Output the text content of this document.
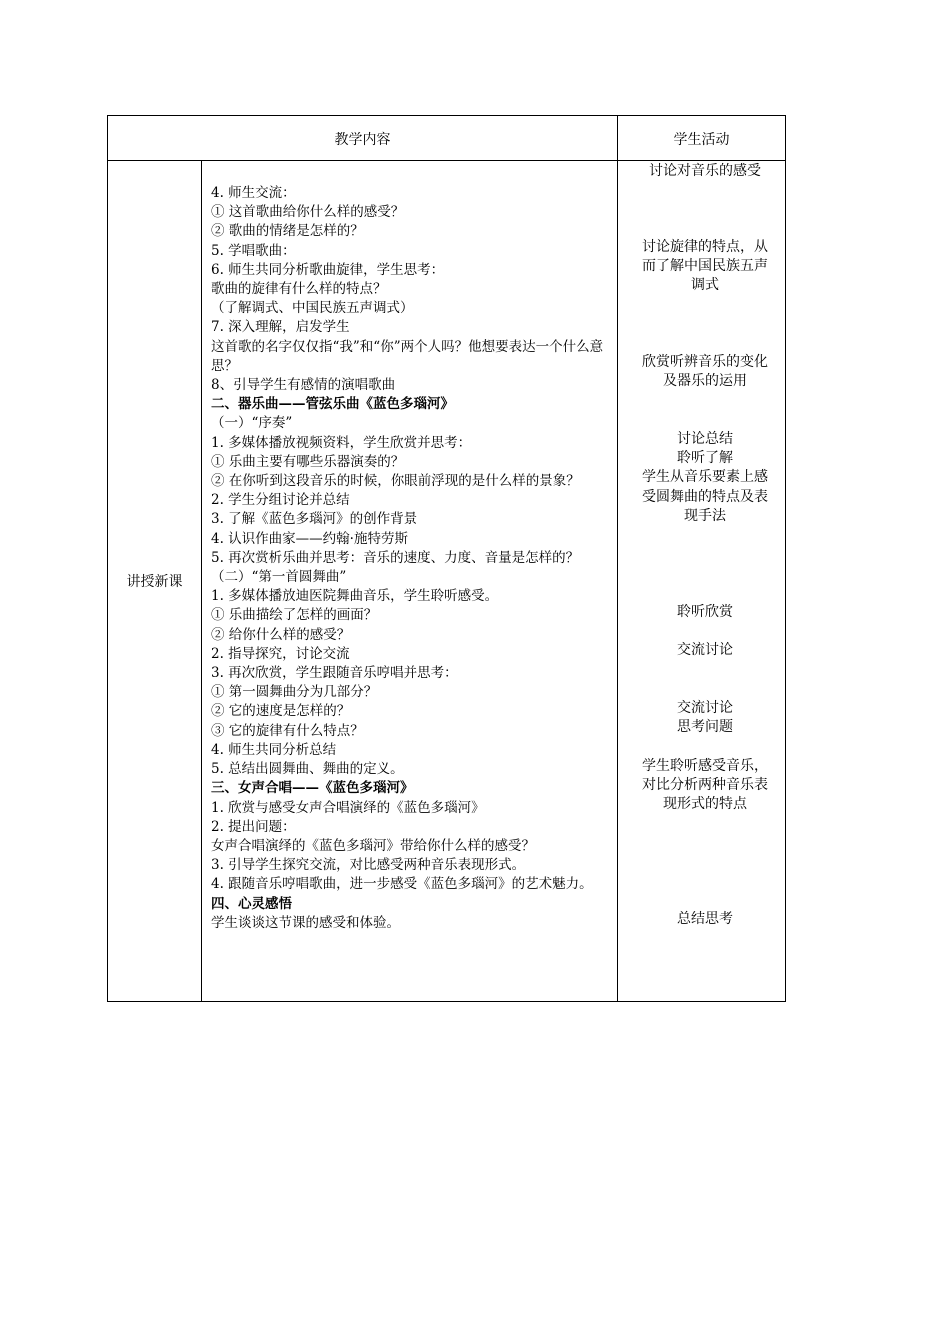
教学内容	学生活动
讲授新课
4. 师生交流：
① 这首歌曲给你什么样的感受？
② 歌曲的情绪是怎样的？
5. 学唱歌曲：
6. 师生共同分析歌曲旋律，学生思考：
歌曲的旋律有什么样的特点？
（了解调式、中国民族五声调式）
7. 深入理解，启发学生
这首歌的名字仅仅指“我”和“你”两个人吗？他想要表达一个什么意思？
8、引导学生有感情的演唱歌曲
二、器乐曲——管弦乐曲《蓝色多瑙河》
（一）“序奏”
1. 多媒体播放视频资料，学生欣赏并思考：
① 乐曲主要有哪些乐器演奏的？
② 在你听到这段音乐的时候，你眼前浮现的是什么样的景象？
2. 学生分组讨论并总结
3. 了解《蓝色多瑙河》的创作背景
4. 认识作曲家——约翰·施特劳斯
5. 再次赏析乐曲并思考：音乐的速度、力度、音量是怎样的？
（二）“第一首圆舞曲”
1. 多媒体播放迪医院舞曲音乐，学生聆听感受。
① 乐曲描绘了怎样的画面？
② 给你什么样的感受？
2. 指导探究，讨论交流
3. 再次欣赏，学生跟随音乐哼唱并思考：
① 第一圆舞曲分为几部分？
② 它的速度是怎样的？
③ 它的旋律有什么特点？
4. 师生共同分析总结
5. 总结出圆舞曲、舞曲的定义。
三、女声合唱——《蓝色多瑙河》
1. 欣赏与感受女声合唱演绎的《蓝色多瑙河》
2. 提出问题：
女声合唱演绎的《蓝色多瑙河》带给你什么样的感受？
3. 引导学生探究交流，对比感受两种音乐表现形式。
4. 跟随音乐哼唱歌曲，进一步感受《蓝色多瑙河》的艺术魅力。
四、心灵感悟
学生谈谈这节课的感受和体验。
讨论对音乐的感受
讨论旋律的特点，从
而了解中国民族五声
调式
欣赏听辨音乐的变化
及器乐的运用
讨论总结
聆听了解
学生从音乐要素上感
受圆舞曲的特点及表
现手法
聆听欣赏
交流讨论
交流讨论
思考问题
学生聆听感受音乐，
对比分析两种音乐表
现形式的特点
总结思考
